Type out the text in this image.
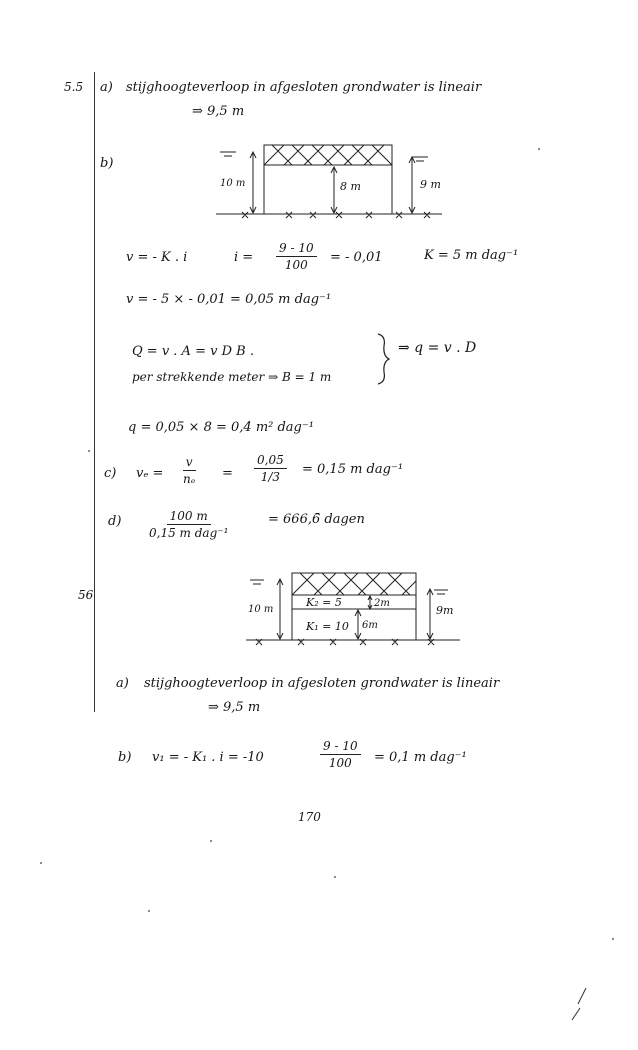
5.5 a) stijghoogteverloop in afgesloten grondwater is lineair
⇒ 9,5 m
b)
10 m	8 m	9 m
v = - K . i	$i = \frac{9 - 10}{100}$ = - 0,01	K = 5 m dag⁻¹
v = - 5 × - 0,01 = 0,05 m dag⁻¹
Q = v . A = v D B .
per strekkende meter ⇒ B = 1 m
⇒ q = v . D
q = 0,05 × 8 = 0,4 m² dag⁻¹
c) $v_e = \frac{v}{\text{nₑ}} = \frac{0,05}{1/3} = 0,15$ m dag⁻¹
d)	100 m
0,15 m dag⁻¹
= 666,6̄ dagen
56
10 m
K₂ = 5
K₁ = 10
2m
6m
9m
a) stijghoogteverloop in afgesloten grondwater is lineair
⇒ 9,5 m
b) v₁ = - K₁ . i = -10	$\frac{9 - 10}{100} = 0,1$ m dag⁻¹
170
